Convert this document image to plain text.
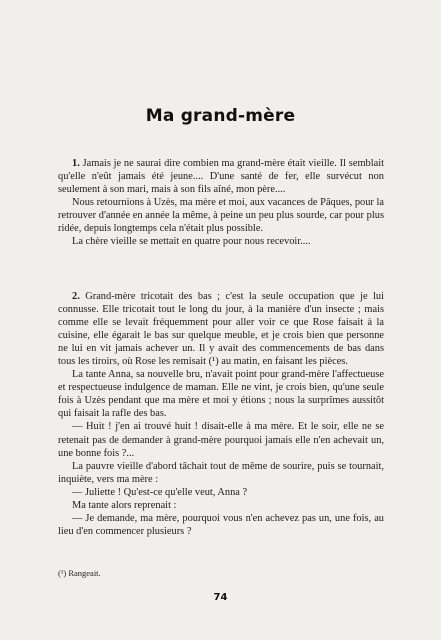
Ma grand-mère

1. Jamais je ne saurai dire combien ma grand-mère était vieille. Il semblait qu'elle n'eût jamais été jeune.... D'une santé de fer, elle survécut non seulement à son mari, mais à son fils aîné, mon père....

Nous retournions à Uzès, ma mère et moi, aux vacances de Pâques, pour la retrouver d'année en année la même, à peine un peu plus sourde, car pour plus ridée, depuis longtemps cela n'était plus possible.

La chère vieille se mettait en quatre pour nous recevoir....

2. Grand-mère tricotait des bas ; c'est la seule occupation que je lui connusse. Elle tricotait tout le long du jour, à la manière d'un insecte ; mais comme elle se levait fréquemment pour aller voir ce que Rose faisait à la cuisine, elle égarait le bas sur quelque meuble, et je crois bien que personne ne lui en vit jamais achever un. Il y avait des commencements de bas dans tous les tiroirs, où Rose les remisait (¹) au matin, en faisant les pièces.

La tante Anna, sa nouvelle bru, n'avait point pour grand-mère l'affectueuse et respectueuse indulgence de maman. Elle ne vint, je crois bien, qu'une seule fois à Uzès pendant que ma mère et moi y étions ; nous la surprîmes aussitôt qui faisait la rafle des bas.

— Huit ! j'en ai trouvé huit ! disait-elle à ma mère. Et le soir, elle ne se retenait pas de demander à grand-mère pourquoi jamais elle n'en achevait un, une bonne fois ?...

La pauvre vieille d'abord tâchait tout de même de sourire, puis se tournait, inquiète, vers ma mère :

— Juliette ! Qu'est-ce qu'elle veut, Anna ?

Ma tante alors reprenait :

— Je demande, ma mère, pourquoi vous n'en achevez pas un, une fois, au lieu d'en commencer plusieurs ?

(¹) Rangeait.

74
